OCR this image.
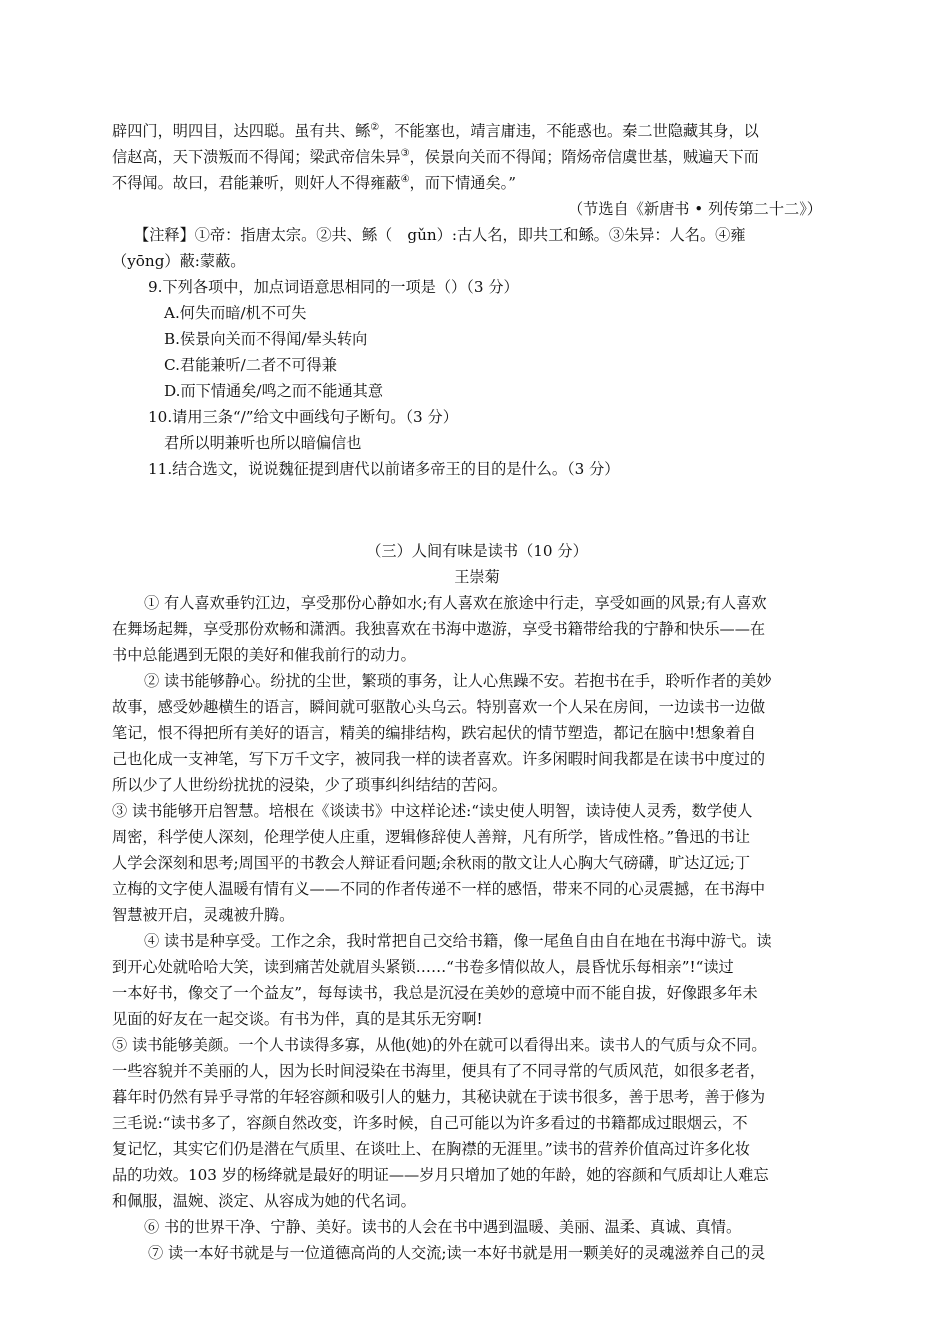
辟四门，明四目，达四聪。虽有共、鲧②，不能塞也，靖言庸违，不能惑也。秦二世隐藏其身，以

信赵高，天下溃叛而不得闻；梁武帝信朱异③，侯景向关而不得闻；隋炀帝信虞世基，贼遍天下而

不得闻。故曰，君能兼听，则奸人不得雍蔽④，而下情通矣。”

（节选自《新唐书 • 列传第二十二》）

【注释】①帝：指唐太宗。②共、鲧（　gǔn）:古人名，即共工和鲧。③朱异：人名。④雍

（yōng）蔽:蒙蔽。

9.下列各项中，加点词语意思相同的一项是（）（3 分）

A.何失而暗/机不可失

B.侯景向关而不得闻/晕头转向

C.君能兼听/二者不可得兼

D.而下情通矣/鸣之而不能通其意

10.请用三条“/”给文中画线句子断句。（3 分）

君所以明兼听也所以暗偏信也

11.结合选文，说说魏征提到唐代以前诸多帝王的目的是什么。（3 分）

（三）人间有味是读书（10 分）

王崇菊

① 有人喜欢垂钓江边，享受那份心静如水;有人喜欢在旅途中行走，享受如画的风景;有人喜欢

在舞场起舞，享受那份欢畅和潇洒。我独喜欢在书海中遨游，享受书籍带给我的宁静和快乐——在

书中总能遇到无限的美好和催我前行的动力。

② 读书能够静心。纷扰的尘世，繁琐的事务，让人心焦躁不安。若抱书在手，聆听作者的美妙

故事，感受妙趣横生的语言，瞬间就可驱散心头乌云。特别喜欢一个人呆在房间，一边读书一边做

笔记，恨不得把所有美好的语言，精美的编排结构，跌宕起伏的情节塑造，都记在脑中!想象着自

己也化成一支神笔，写下万千文字，被同我一样的读者喜欢。许多闲暇时间我都是在读书中度过的

所以少了人世纷纷扰扰的浸染，少了琐事纠纠结结的苦闷。

③ 读书能够开启智慧。培根在《谈读书》中这样论述:“读史使人明智，读诗使人灵秀，数学使人

周密，科学使人深刻，伦理学使人庄重，逻辑修辞使人善辩，凡有所学，皆成性格。”鲁迅的书让

人学会深刻和思考;周国平的书教会人辩证看问题;余秋雨的散文让人心胸大气磅礴，旷达辽远;丁

立梅的文字使人温暖有情有义——不同的作者传递不一样的感悟，带来不同的心灵震撼，在书海中

智慧被开启，灵魂被升腾。

④ 读书是种享受。工作之余，我时常把自己交给书籍，像一尾鱼自由自在地在书海中游弋。读

到开心处就哈哈大笑，读到痛苦处就眉头紧锁……“书卷多情似故人，晨昏忧乐每相亲”!“读过

一本好书，像交了一个益友”，每每读书，我总是沉浸在美妙的意境中而不能自拔，好像跟多年未

见面的好友在一起交谈。有书为伴，真的是其乐无穷啊!

⑤ 读书能够美颜。一个人书读得多寡，从他(她)的外在就可以看得出来。读书人的气质与众不同。

一些容貌并不美丽的人，因为长时间浸染在书海里，便具有了不同寻常的气质风范，如很多老者，

暮年时仍然有异乎寻常的年轻容颜和吸引人的魅力，其秘诀就在于读书很多，善于思考，善于修为

三毛说:“读书多了，容颜自然改变，许多时候，自己可能以为许多看过的书籍都成过眼烟云，不

复记忆，其实它们仍是潜在气质里、在谈吐上、在胸襟的无涯里。”读书的营养价值高过许多化妆

品的功效。103 岁的杨绛就是最好的明证——岁月只增加了她的年龄，她的容颜和气质却让人难忘

和佩服，温婉、淡定、从容成为她的代名词。

⑥ 书的世界干净、宁静、美好。读书的人会在书中遇到温暖、美丽、温柔、真诚、真情。

⑦ 读一本好书就是与一位道德高尚的人交流;读一本好书就是用一颗美好的灵魂滋养自己的灵
